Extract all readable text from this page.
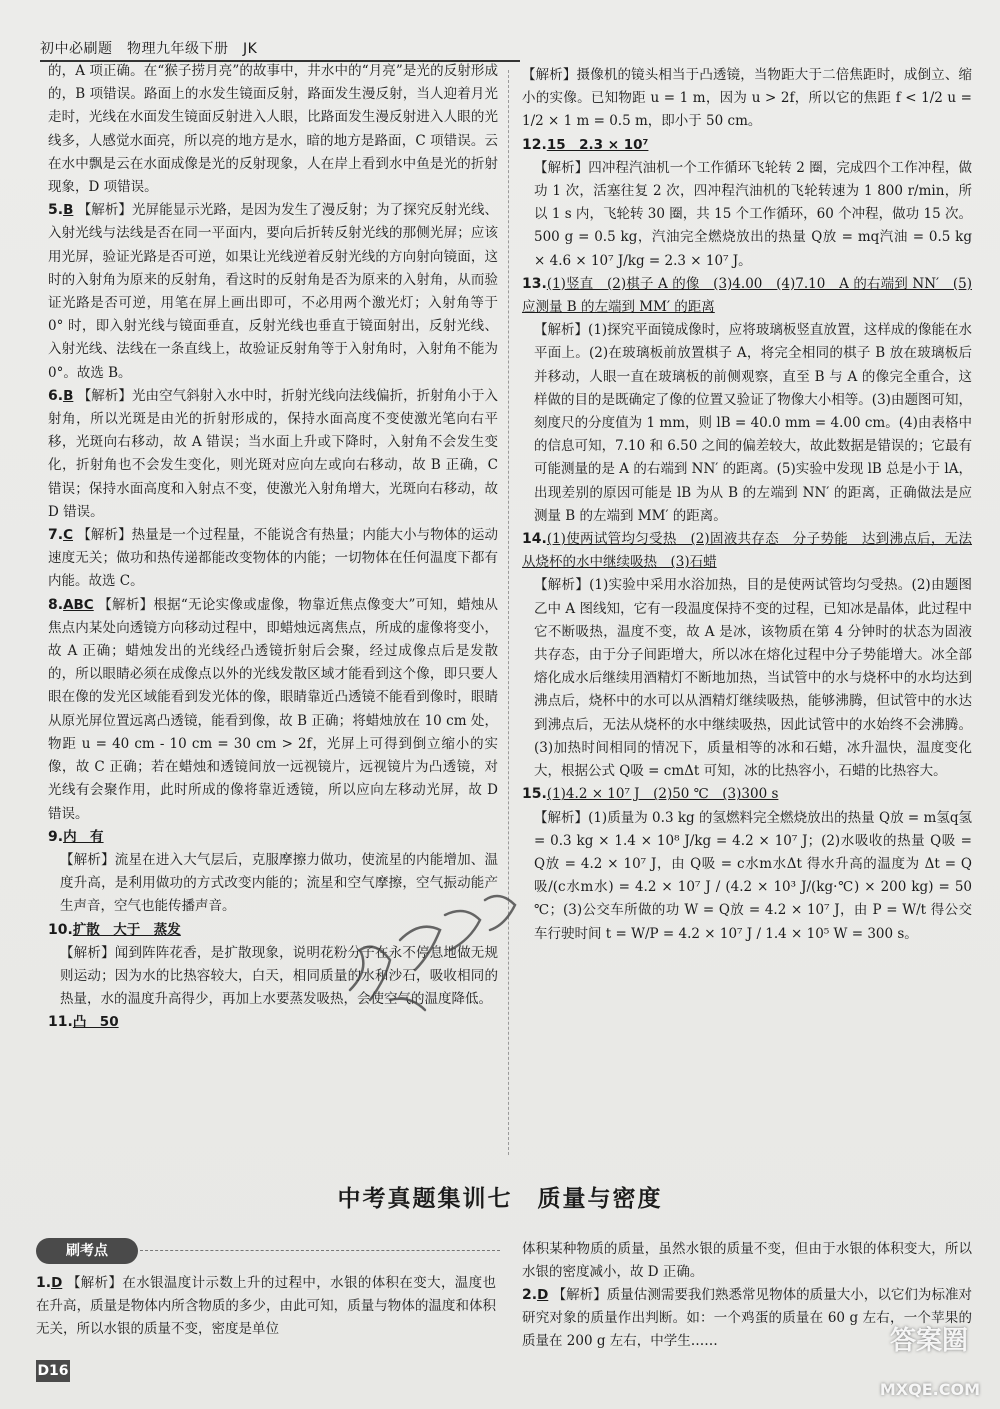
初中必刷题　物理九年级下册　JK

的，A 项正确。在“猴子捞月亮”的故事中，井水中的“月亮”是光的反射形成的，B 项错误。路面上的水发生镜面反射，路面发生漫反射，当人迎着月光走时，光线在水面发生镜面反射进入人眼，比路面发生漫反射进入人眼的光线多，人感觉水面亮，所以亮的地方是水，暗的地方是路面，C 项错误。云在水中飘是云在水面成像是光的反射现象，人在岸上看到水中鱼是光的折射现象，D 项错误。

5.B 【解析】光屏能显示光路，是因为发生了漫反射；为了探究反射光线、入射光线与法线是否在同一平面内，要向后折转反射光线的那侧光屏；应该用光屏，验证光路是否可逆，如果让光线逆着反射光线的方向射向镜面，这时的入射角为原来的反射角，看这时的反射角是否为原来的入射角，从而验证光路是否可逆，用笔在屏上画出即可，不必用两个激光灯；入射角等于 0° 时，即入射光线与镜面垂直，反射光线也垂直于镜面射出，反射光线、入射光线、法线在一条直线上，故验证反射角等于入射角时，入射角不能为 0°。故选 B。

6.B 【解析】光由空气斜射入水中时，折射光线向法线偏折，折射角小于入射角，所以光斑是由光的折射形成的，保持水面高度不变使激光笔向右平移，光斑向右移动，故 A 错误；当水面上升或下降时，入射角不会发生变化，折射角也不会发生变化，则光斑对应向左或向右移动，故 B 正确，C 错误；保持水面高度和入射点不变，使激光入射角增大，光斑向右移动，故 D 错误。

7.C 【解析】热量是一个过程量，不能说含有热量；内能大小与物体的运动速度无关；做功和热传递都能改变物体的内能；一切物体在任何温度下都有内能。故选 C。

8.ABC 【解析】根据“无论实像或虚像，物靠近焦点像变大”可知，蜡烛从焦点内某处向透镜方向移动过程中，即蜡烛远离焦点，所成的虚像将变小，故 A 正确；蜡烛发出的光线经凸透镜折射后会聚，经过成像点后是发散的，所以眼睛必须在成像点以外的光线发散区域才能看到这个像，即只要人眼在像的发光区域能看到发光体的像，眼睛靠近凸透镜不能看到像时，眼睛从原光屏位置远离凸透镜，能看到像，故 B 正确；将蜡烛放在 10 cm 处，物距 u = 40 cm - 10 cm = 30 cm > 2f，光屏上可得到倒立缩小的实像，故 C 正确；若在蜡烛和透镜间放一远视镜片，远视镜片为凸透镜，对光线有会聚作用，此时所成的像将靠近透镜，所以应向左移动光屏，故 D 错误。

9.内　有

【解析】流星在进入大气层后，克服摩擦力做功，使流星的内能增加、温度升高，是利用做功的方式改变内能的；流星和空气摩擦，空气振动能产生声音，空气也能传播声音。

10.扩散　大于　蒸发

【解析】闻到阵阵花香，是扩散现象，说明花粉分子在永不停息地做无规则运动；因为水的比热容较大，白天，相同质量的水和沙石，吸收相同的热量，水的温度升高得少，再加上水要蒸发吸热，会使空气的温度降低。

11.凸　50

【解析】摄像机的镜头相当于凸透镜，当物距大于二倍焦距时，成倒立、缩小的实像。已知物距 u = 1 m，因为 u > 2f，所以它的焦距 f < 1/2 u = 1/2 × 1 m = 0.5 m，即小于 50 cm。

12.15　2.3 × 10⁷

【解析】四冲程汽油机一个工作循环飞轮转 2 圈，完成四个工作冲程，做功 1 次，活塞往复 2 次，四冲程汽油机的飞轮转速为 1 800 r/min，所以 1 s 内，飞轮转 30 圈，共 15 个工作循环，60 个冲程，做功 15 次。500 g = 0.5 kg，汽油完全燃烧放出的热量 Q放 = mq汽油 = 0.5 kg × 4.6 × 10⁷ J/kg = 2.3 × 10⁷ J。

13.(1)竖直　(2)棋子 A 的像　(3)4.00　(4)7.10　A 的右端到 NN′　(5)应测量 B 的左端到 MM′ 的距离

【解析】(1)探究平面镜成像时，应将玻璃板竖直放置，这样成的像能在水平面上。(2)在玻璃板前放置棋子 A，将完全相同的棋子 B 放在玻璃板后并移动，人眼一直在玻璃板的前侧观察，直至 B 与 A 的像完全重合，这样做的目的是既确定了像的位置又验证了物像大小相等。(3)由题图可知，刻度尺的分度值为 1 mm，则 lB = 40.0 mm = 4.00 cm。(4)由表格中的信息可知，7.10 和 6.50 之间的偏差较大，故此数据是错误的；它最有可能测量的是 A 的右端到 NN′ 的距离。(5)实验中发现 lB 总是小于 lA，出现差别的原因可能是 lB 为从 B 的左端到 NN′ 的距离，正确做法是应测量 B 的左端到 MM′ 的距离。

14.(1)使两试管均匀受热　(2)固液共存态　分子势能　达到沸点后，无法从烧杯的水中继续吸热　(3)石蜡

【解析】(1)实验中采用水浴加热，目的是使两试管均匀受热。(2)由题图乙中 A 图线知，它有一段温度保持不变的过程，已知冰是晶体，此过程中它不断吸热，温度不变，故 A 是冰，该物质在第 4 分钟时的状态为固液共存态，由于分子间距增大，所以冰在熔化过程中分子势能增大。冰全部熔化成水后继续用酒精灯不断地加热，当试管中的水与烧杯中的水均达到沸点后，烧杯中的水可以从酒精灯继续吸热，能够沸腾，但试管中的水达到沸点后，无法从烧杯的水中继续吸热，因此试管中的水始终不会沸腾。(3)加热时间相同的情况下，质量相等的冰和石蜡，冰升温快，温度变化大，根据公式 Q吸 = cmΔt 可知，冰的比热容小，石蜡的比热容大。

15.(1)4.2 × 10⁷ J　(2)50 ℃　(3)300 s

【解析】(1)质量为 0.3 kg 的氢燃料完全燃烧放出的热量 Q放 = m氢q氢 = 0.3 kg × 1.4 × 10⁸ J/kg = 4.2 × 10⁷ J；(2)水吸收的热量 Q吸 = Q放 = 4.2 × 10⁷ J，由 Q吸 = c水m水Δt 得水升高的温度为 Δt = Q吸/(c水m水) = 4.2 × 10⁷ J / (4.2 × 10³ J/(kg·℃) × 200 kg) = 50 ℃；(3)公交车所做的功 W = Q放 = 4.2 × 10⁷ J，由 P = W/t 得公交车行驶时间 t = W/P = 4.2 × 10⁷ J / 1.4 × 10⁵ W = 300 s。

中考真题集训七　质量与密度
刷考点

1.D 【解析】在水银温度计示数上升的过程中，水银的体积在变大，温度也在升高，质量是物体内所含物质的多少，由此可知，质量与物体的温度和体积无关，所以水银的质量不变，密度是单位

体积某种物质的质量，虽然水银的质量不变，但由于水银的体积变大，所以水银的密度减小，故 D 正确。

2.D 【解析】质量估测需要我们熟悉常见物体的质量大小，以它们为标准对研究对象的质量作出判断。如：一个鸡蛋的质量在 60 g 左右，一个苹果的质量在 200 g 左右，中学生……

D16
答案圈
MXQE.COM
